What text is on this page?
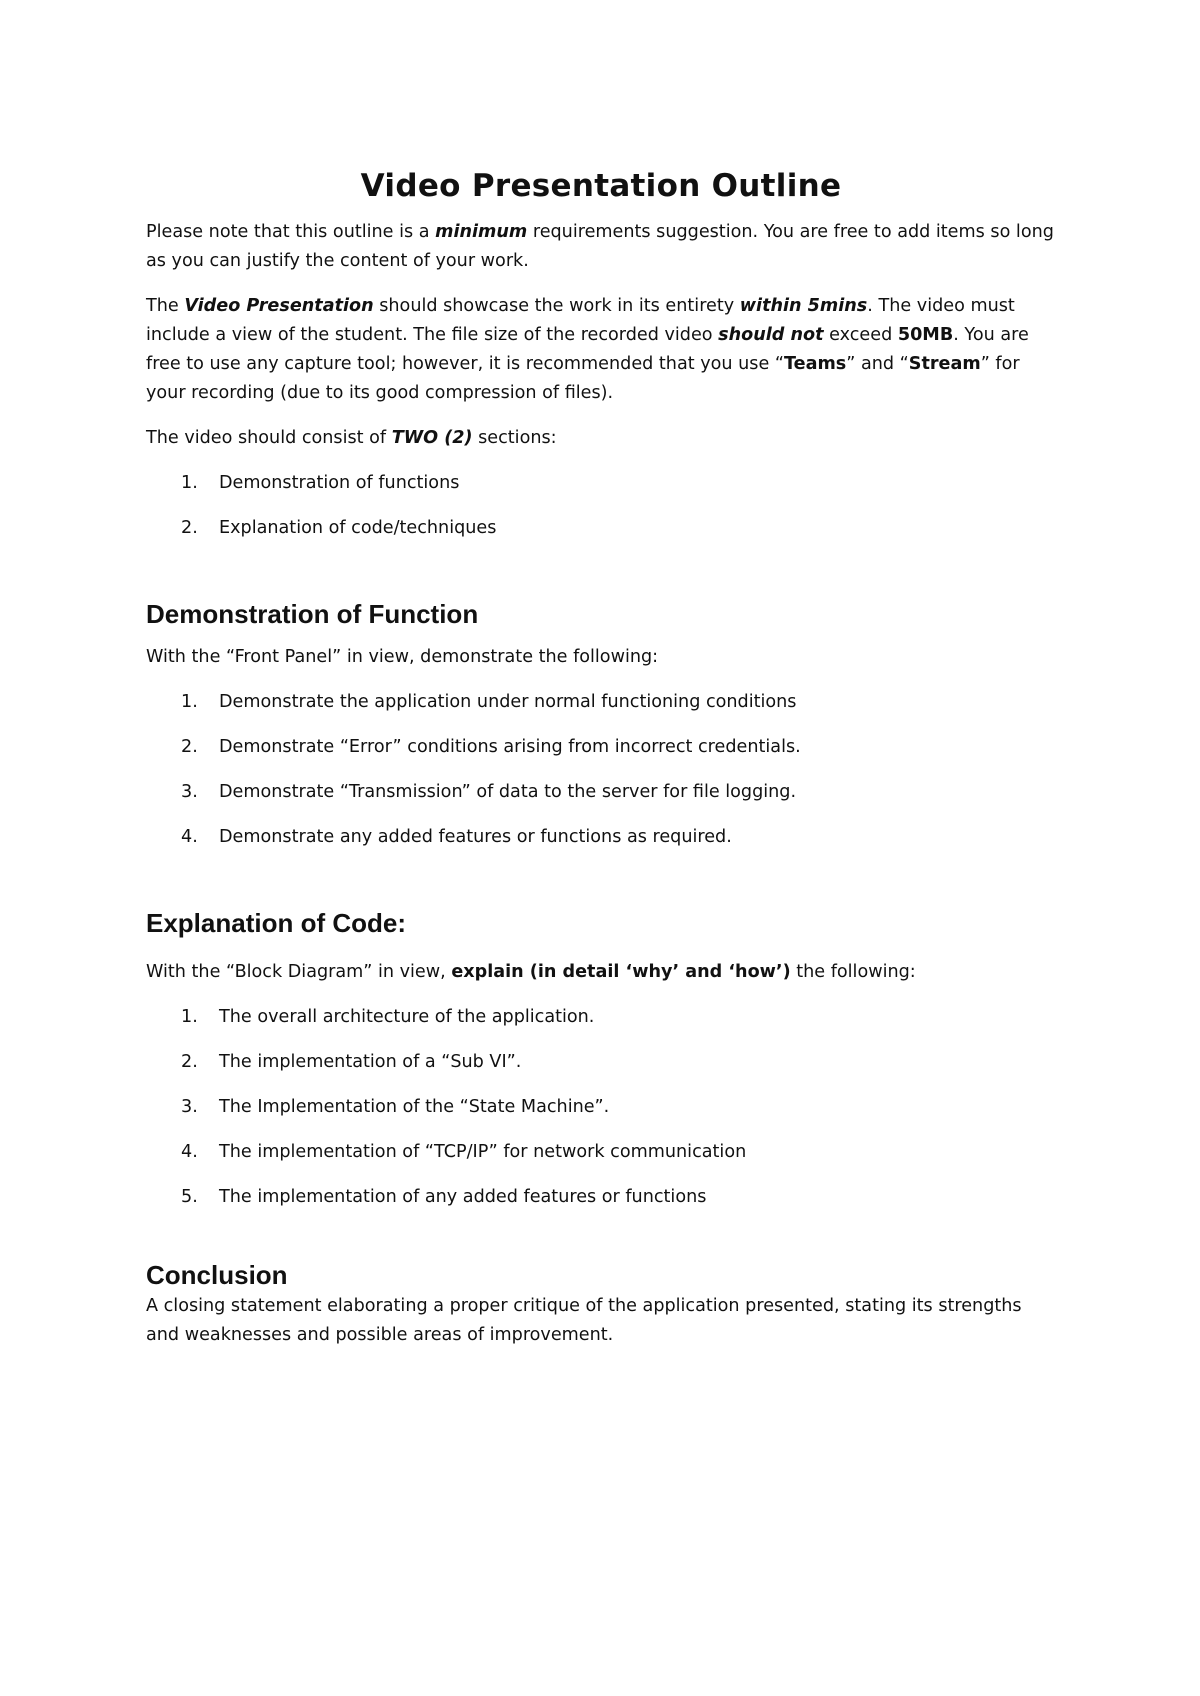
Video Presentation Outline

Please note that this outline is a minimum requirements suggestion. You are free to add items so long as you can justify the content of your work.

The Video Presentation should showcase the work in its entirety within 5mins. The video must include a view of the student. The file size of the recorded video should not exceed 50MB. You are free to use any capture tool; however, it is recommended that you use “Teams” and “Stream” for your recording (due to its good compression of files).

The video should consist of TWO (2) sections:

1. Demonstration of functions
2. Explanation of code/techniques
Demonstration of Function

With the “Front Panel” in view, demonstrate the following:

1. Demonstrate the application under normal functioning conditions
2. Demonstrate “Error” conditions arising from incorrect credentials.
3. Demonstrate “Transmission” of data to the server for file logging.
4. Demonstrate any added features or functions as required.
Explanation of Code:

With the “Block Diagram” in view, explain (in detail ‘why’ and ‘how’) the following:

1. The overall architecture of the application.
2. The implementation of a “Sub VI”.
3. The Implementation of the “State Machine”.
4. The implementation of “TCP/IP” for network communication
5. The implementation of any added features or functions
Conclusion

A closing statement elaborating a proper critique of the application presented, stating its strengths and weaknesses and possible areas of improvement.
